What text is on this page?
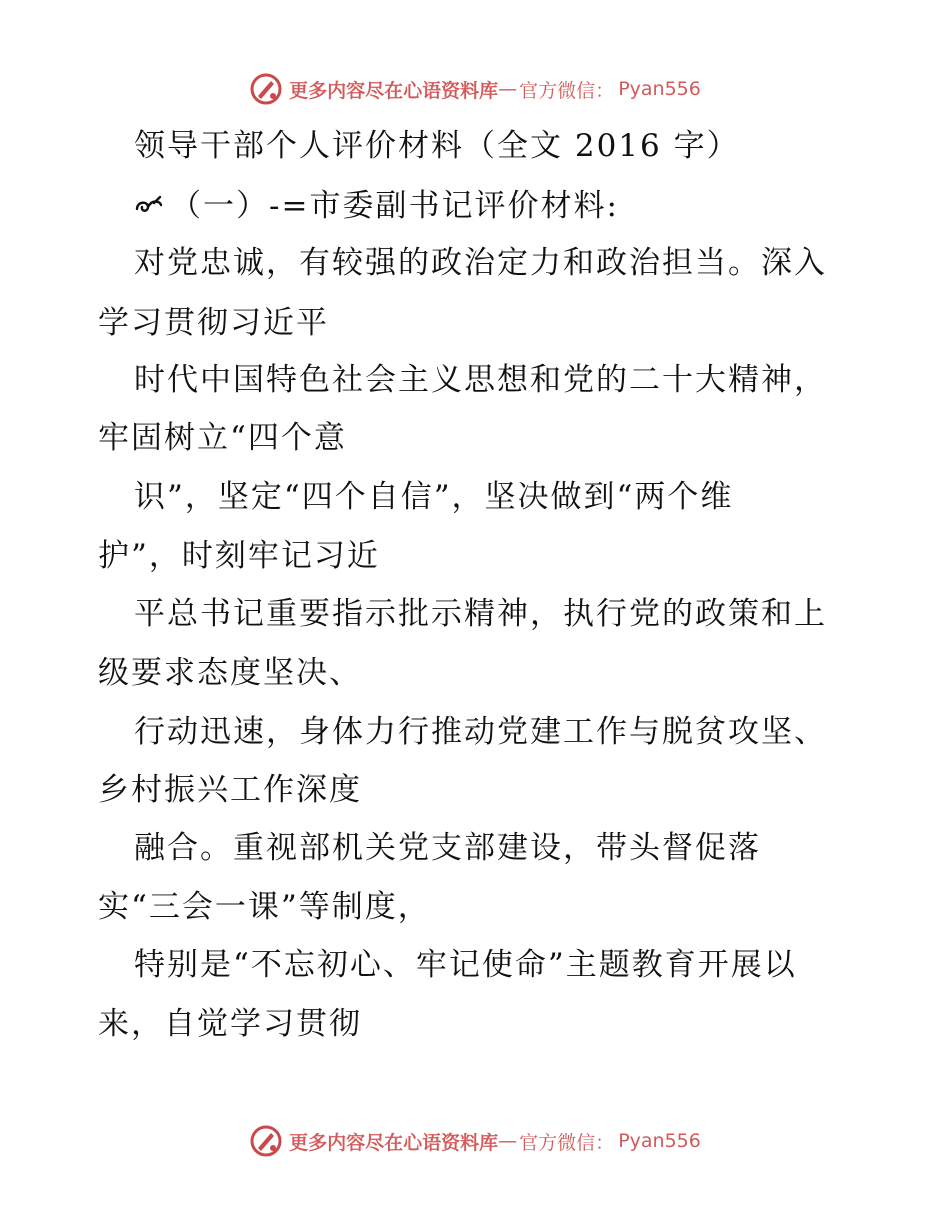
更多内容尽在心语资料库 — 官方微信： Pyan556
领导干部个人评价材料（全文 2016 字）
（一）-=市委副书记评价材料:
对党忠诚，有较强的政治定力和政治担当。深入
学习贯彻习近平
时代中国特色社会主义思想和党的二十大精神，
牢固树立“四个意
识”，坚定“四个自信”，坚决做到“两个维
护”，时刻牢记习近
平总书记重要指示批示精神，执行党的政策和上
级要求态度坚决、
行动迅速，身体力行推动党建工作与脱贫攻坚、
乡村振兴工作深度
融合。重视部机关党支部建设，带头督促落
实“三会一课”等制度，
特别是“不忘初心、牢记使命”主题教育开展以
来，自觉学习贯彻
更多内容尽在心语资料库 — 官方微信： Pyan556
